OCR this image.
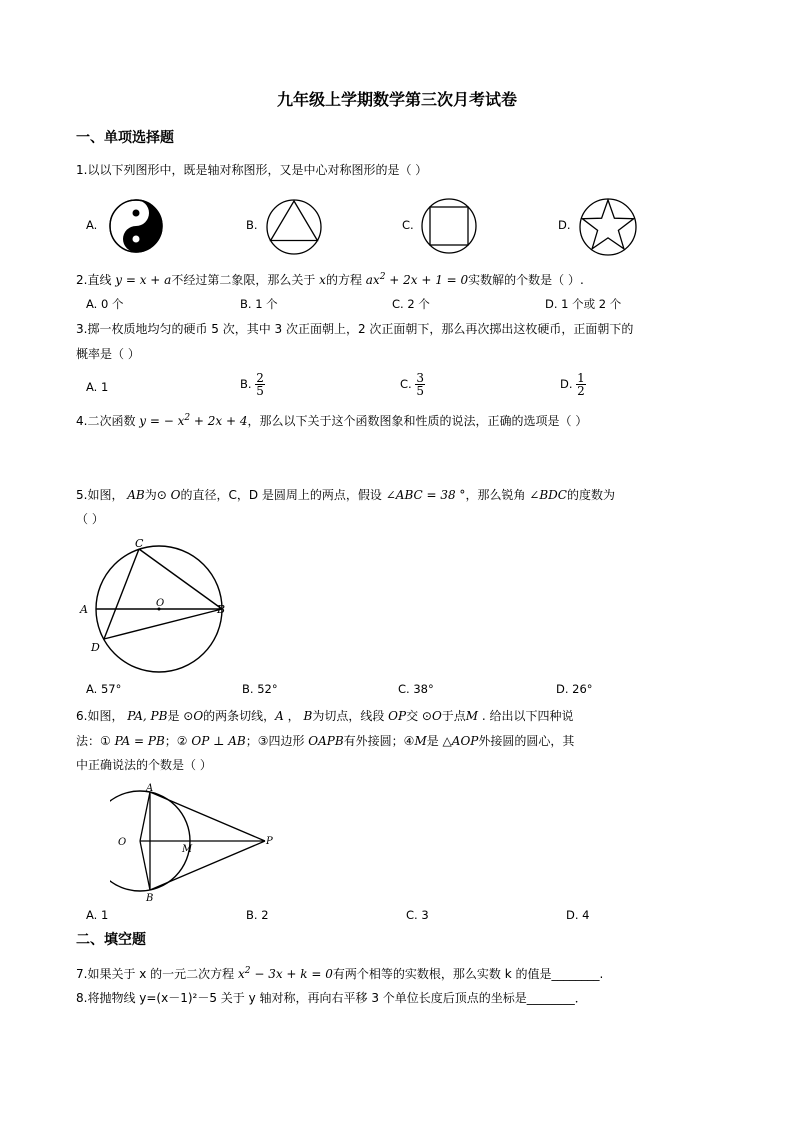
九年级上学期数学第三次月考试卷
一、单项选择题
1.以以下列图形中，既是轴对称图形，又是中心对称图形的是（ ）
A.	B.	C.	D.
2.直线 y = x + a不经过第二象限，那么关于 x的方程 $ax^2 + 2x + 1 = 0$实数解的个数是（ ）.
A. 0 个	B. 1 个	C. 2 个	D. 1 个或 2 个
3.掷一枚质地均匀的硬币 5 次，其中 3 次正面朝上，2 次正面朝下，那么再次掷出这枚硬币，正面朝下的
概率是（ ）
A. 1	B. $\frac{2}{5}$	C. $\frac{3}{5}$	D. $\frac{1}{2}$
4.二次函数 y = − $x^2 + 2x + 4$，那么以下关于这个函数图象和性质的说法，正确的选项是（ ）
5.如图， AB为⊙ O的直径，C，D 是圆周上的两点，假设 ∠ABC = 38 °，那么锐角 ∠BDC的度数为
（ ）
C
A	O	B
D
A. 57°	B. 52°	C. 38°	D. 26°
6.如图， PA, PB是 ⊙O的两条切线，A ， B为切点，线段 OP交 ⊙O于点M . 给出以下四种说
法：① PA = PB；② OP ⊥ AB；③四边形 OAPB有外接圆；④M是 △AOP外接圆的圆心，其
中正确说法的个数是（ ）
A
O
M
P
B
A. 1	B. 2	C. 3	D. 4
二、填空题
7.如果关于 x 的一元二次方程 $x^2 - 3x + k = 0$有两个相等的实数根，那么实数 k 的值是________.
8.将抛物线 y=(x－1)²－5 关于 y 轴对称，再向右平移 3 个单位长度后顶点的坐标是________．
